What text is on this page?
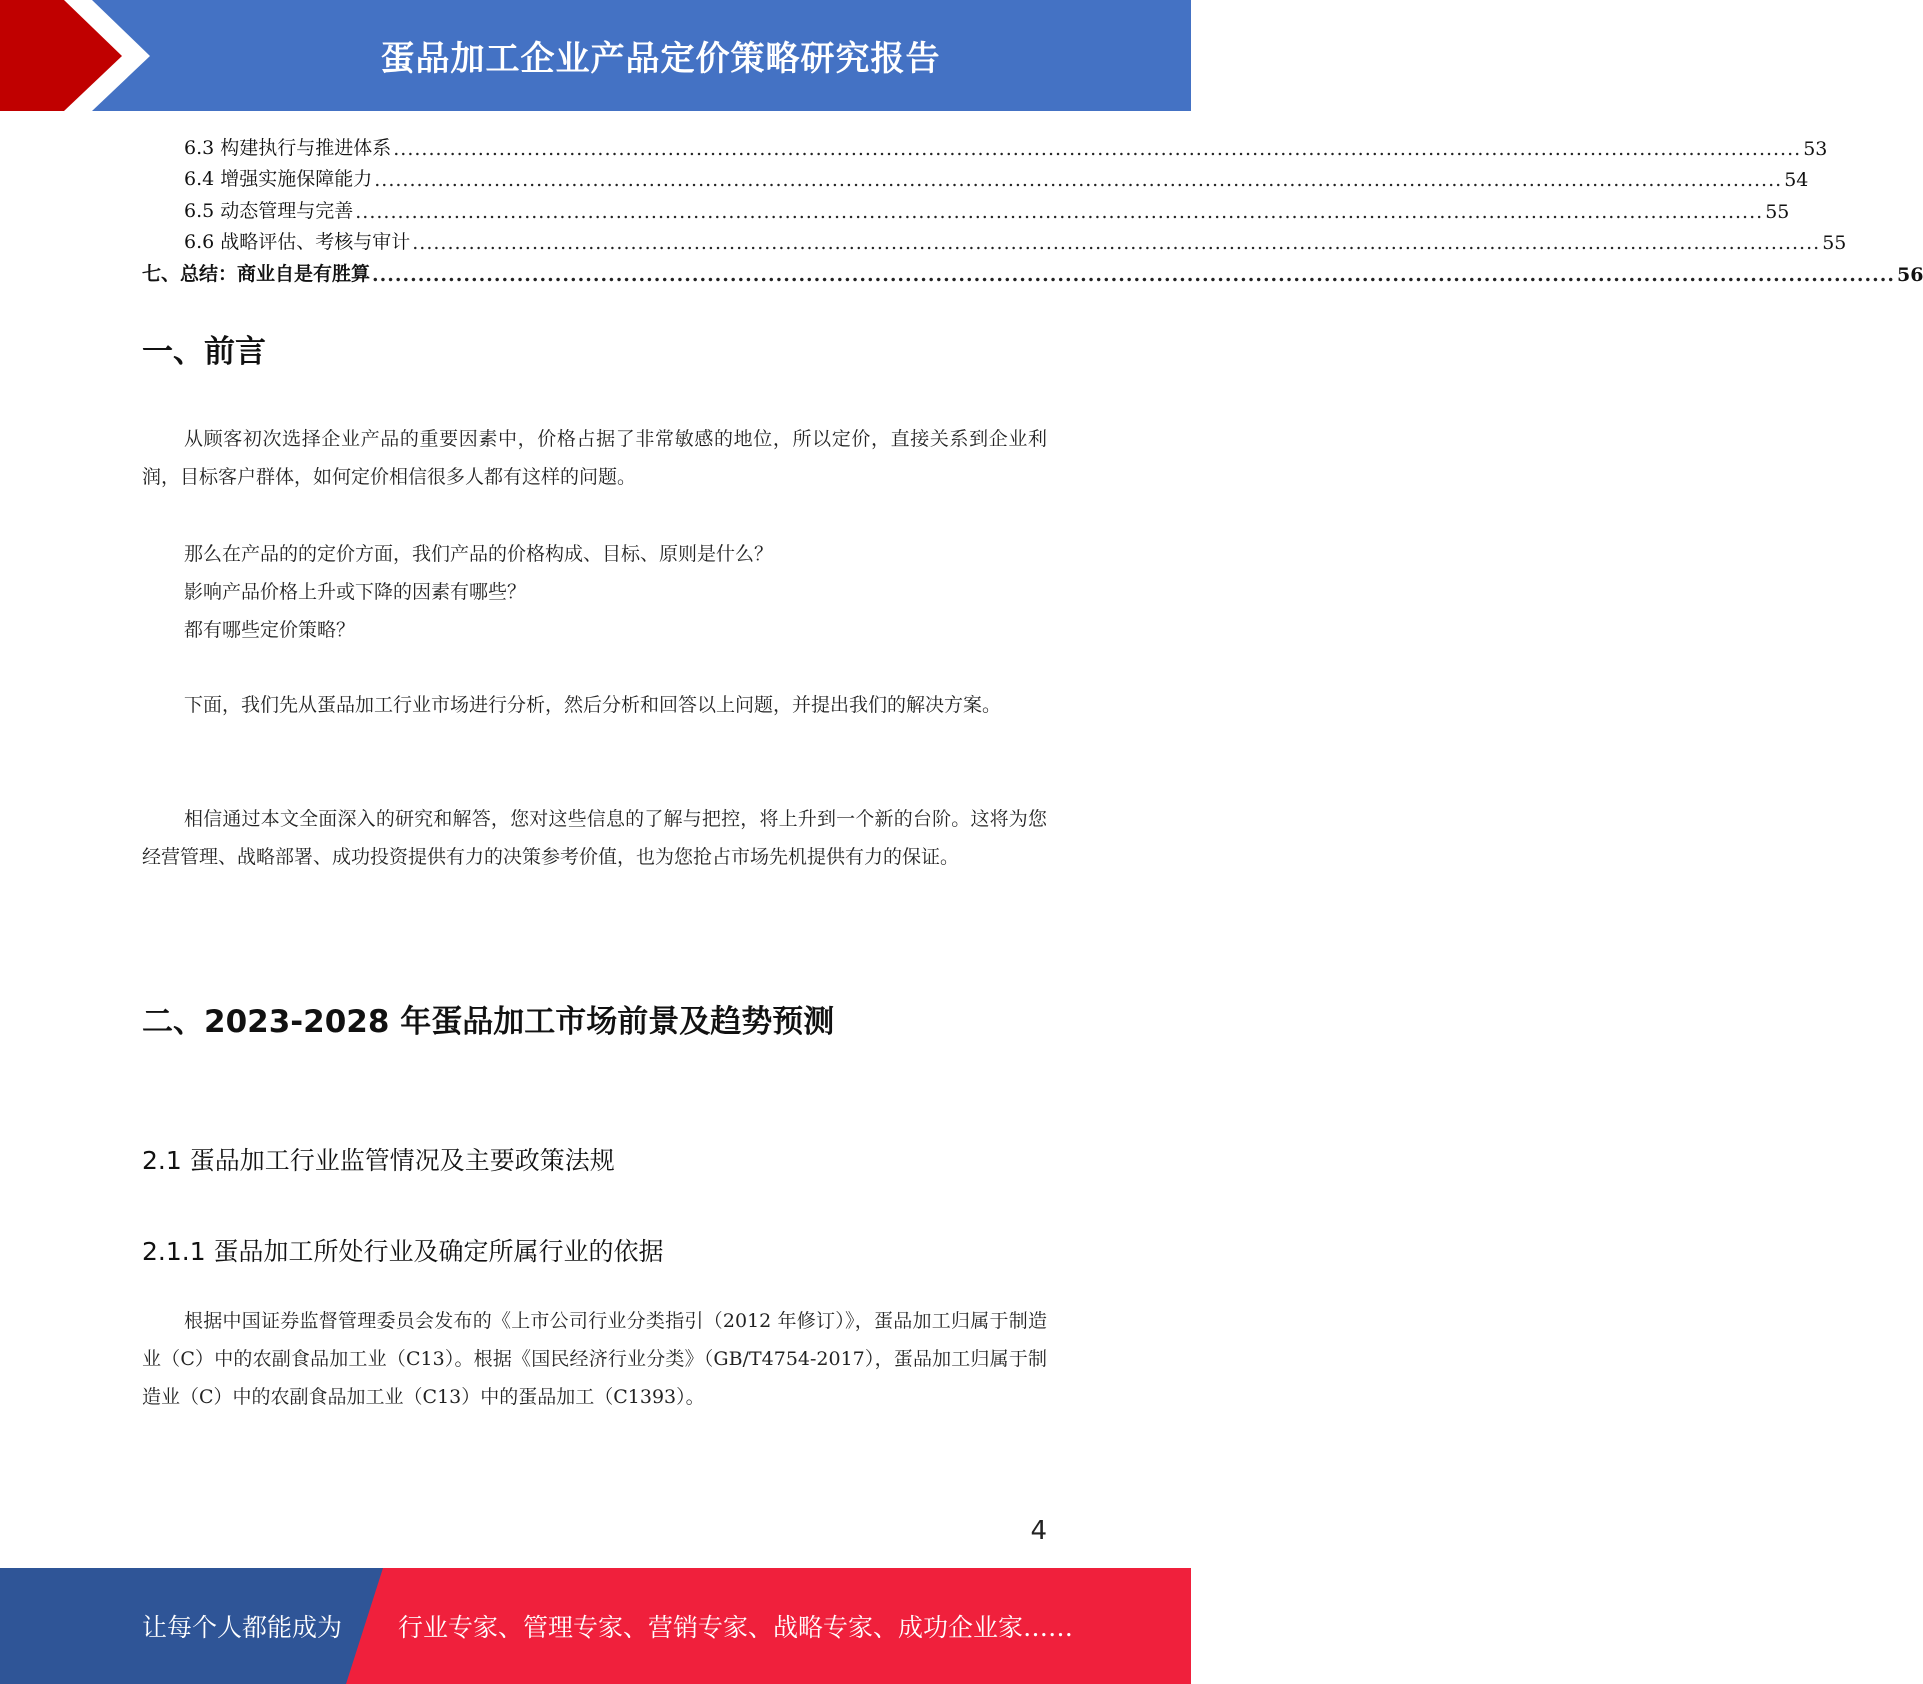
蛋品加工企业产品定价策略研究报告
6.3 构建执行与推进体系 ........................................................................................................................................................................................................ 53
6.4 增强实施保障能力 ........................................................................................................................................................................................................ 54
6.5 动态管理与完善 ........................................................................................................................................................................................................ 55
6.6 战略评估、考核与审计 ........................................................................................................................................................................................................ 55
七、总结：商业自是有胜算 ........................................................................................................................................................................................................ 56
一、前言

从顾客初次选择企业产品的重要因素中，价格占据了非常敏感的地位，所以定价，直接关系到企业利润，目标客户群体，如何定价相信很多人都有这样的问题。

那么在产品的的定价方面，我们产品的价格构成、目标、原则是什么？
影响产品价格上升或下降的因素有哪些？
都有哪些定价策略？

下面，我们先从蛋品加工行业市场进行分析，然后分析和回答以上问题，并提出我们的解决方案。

相信通过本文全面深入的研究和解答，您对这些信息的了解与把控，将上升到一个新的台阶。这将为您经营管理、战略部署、成功投资提供有力的决策参考价值，也为您抢占市场先机提供有力的保证。

二、2023-2028 年蛋品加工市场前景及趋势预测
2.1 蛋品加工行业监管情况及主要政策法规
2.1.1 蛋品加工所处行业及确定所属行业的依据

根据中国证券监督管理委员会发布的《上市公司行业分类指引（2012 年修订）》，蛋品加工归属于制造业（C）中的农副食品加工业（C13）。根据《国民经济行业分类》（GB/T4754-2017），蛋品加工归属于制造业（C）中的农副食品加工业（C13）中的蛋品加工（C1393）。

4
让每个人都能成为 行业专家、管理专家、营销专家、战略专家、成功企业家……
